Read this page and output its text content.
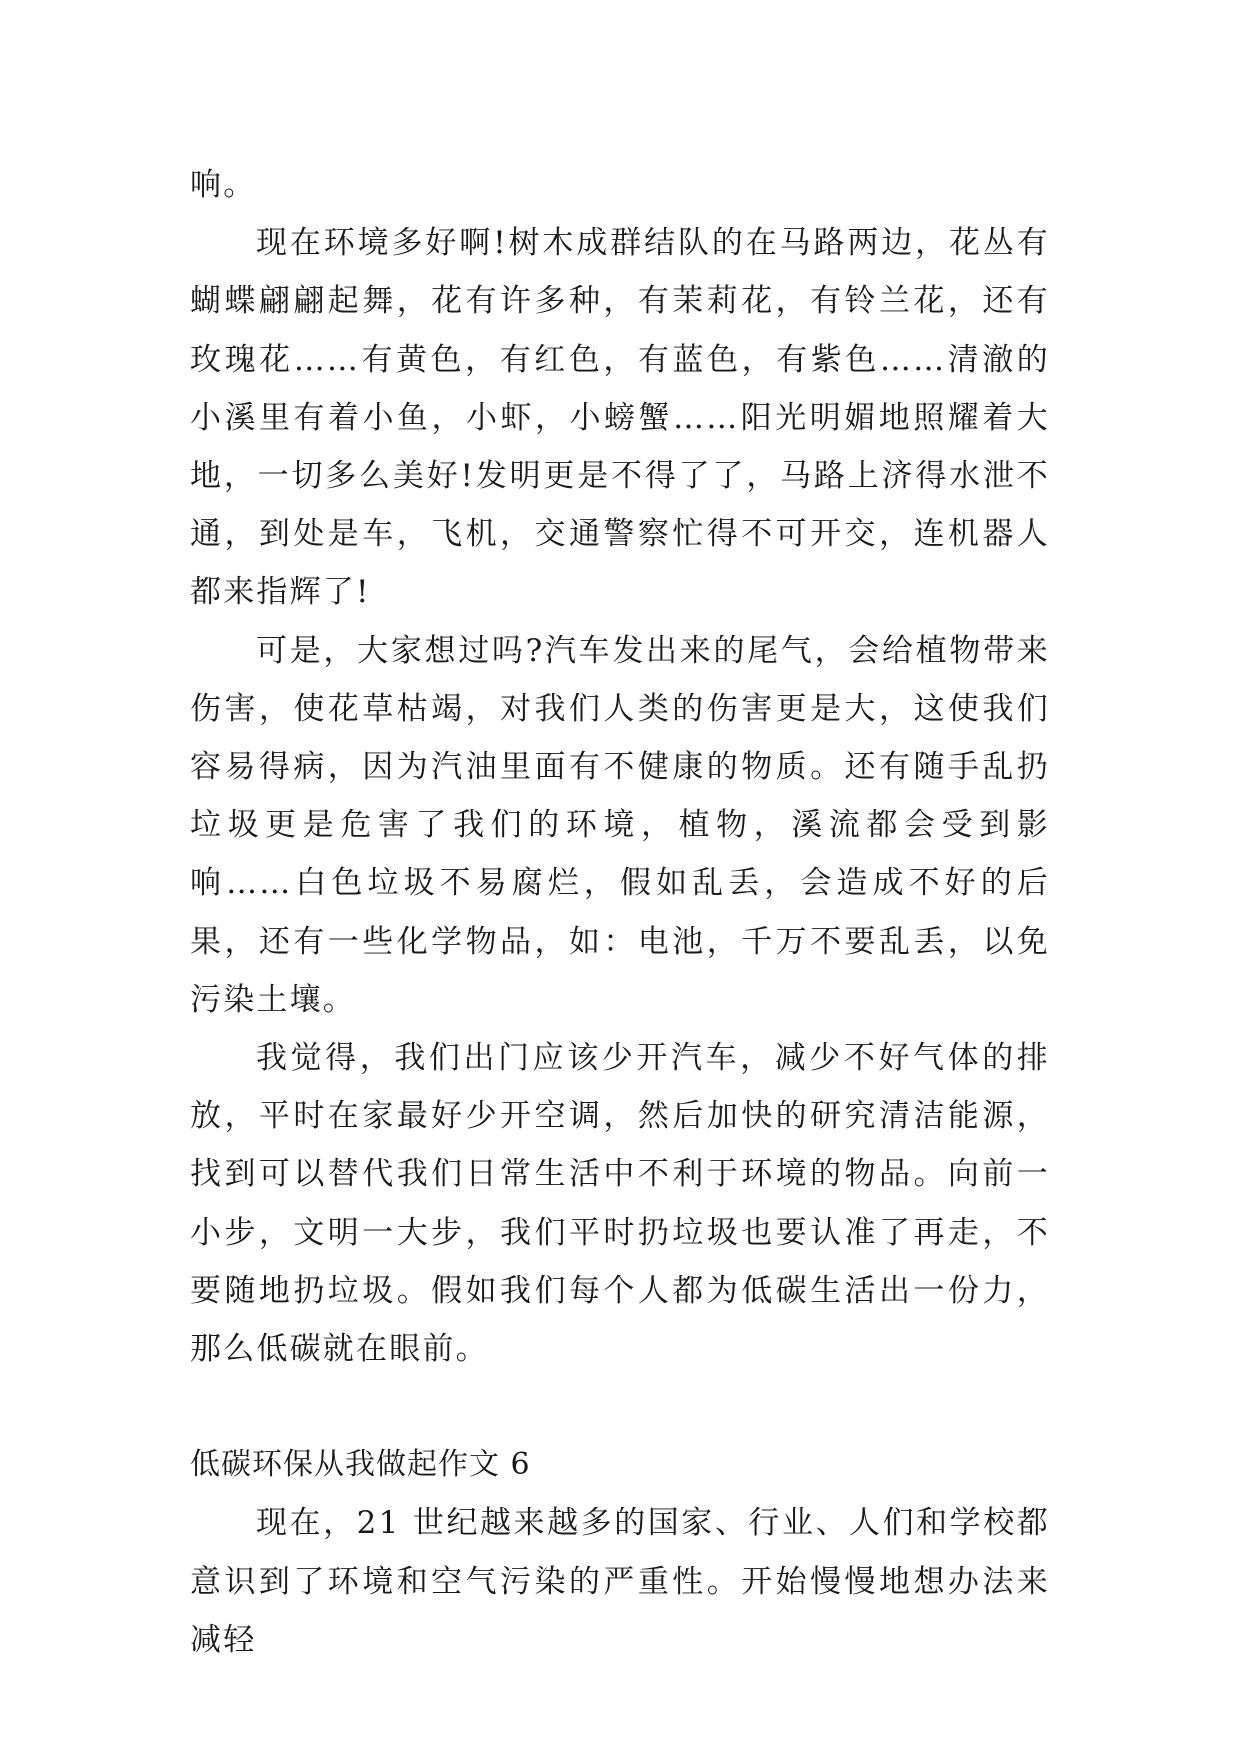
响。

现在环境多好啊!树木成群结队的在马路两边，花丛有蝴蝶翩翩起舞，花有许多种，有茉莉花，有铃兰花，还有玫瑰花……有黄色，有红色，有蓝色，有紫色……清澈的小溪里有着小鱼，小虾，小螃蟹……阳光明媚地照耀着大地，一切多么美好!发明更是不得了了，马路上济得水泄不通，到处是车，飞机，交通警察忙得不可开交，连机器人都来指辉了!

可是，大家想过吗?汽车发出来的尾气，会给植物带来伤害，使花草枯竭，对我们人类的伤害更是大，这使我们容易得病，因为汽油里面有不健康的物质。还有随手乱扔垃圾更是危害了我们的环境，植物，溪流都会受到影响……白色垃圾不易腐烂，假如乱丢，会造成不好的后果，还有一些化学物品，如：电池，千万不要乱丢，以免污染土壤。

我觉得，我们出门应该少开汽车，减少不好气体的排放，平时在家最好少开空调，然后加快的研究清洁能源，找到可以替代我们日常生活中不利于环境的物品。向前一小步，文明一大步，我们平时扔垃圾也要认准了再走，不要随地扔垃圾。假如我们每个人都为低碳生活出一份力，那么低碳就在眼前。

低碳环保从我做起作文 6

现在，21 世纪越来越多的国家、行业、人们和学校都意识到了环境和空气污染的严重性。开始慢慢地想办法来减轻
